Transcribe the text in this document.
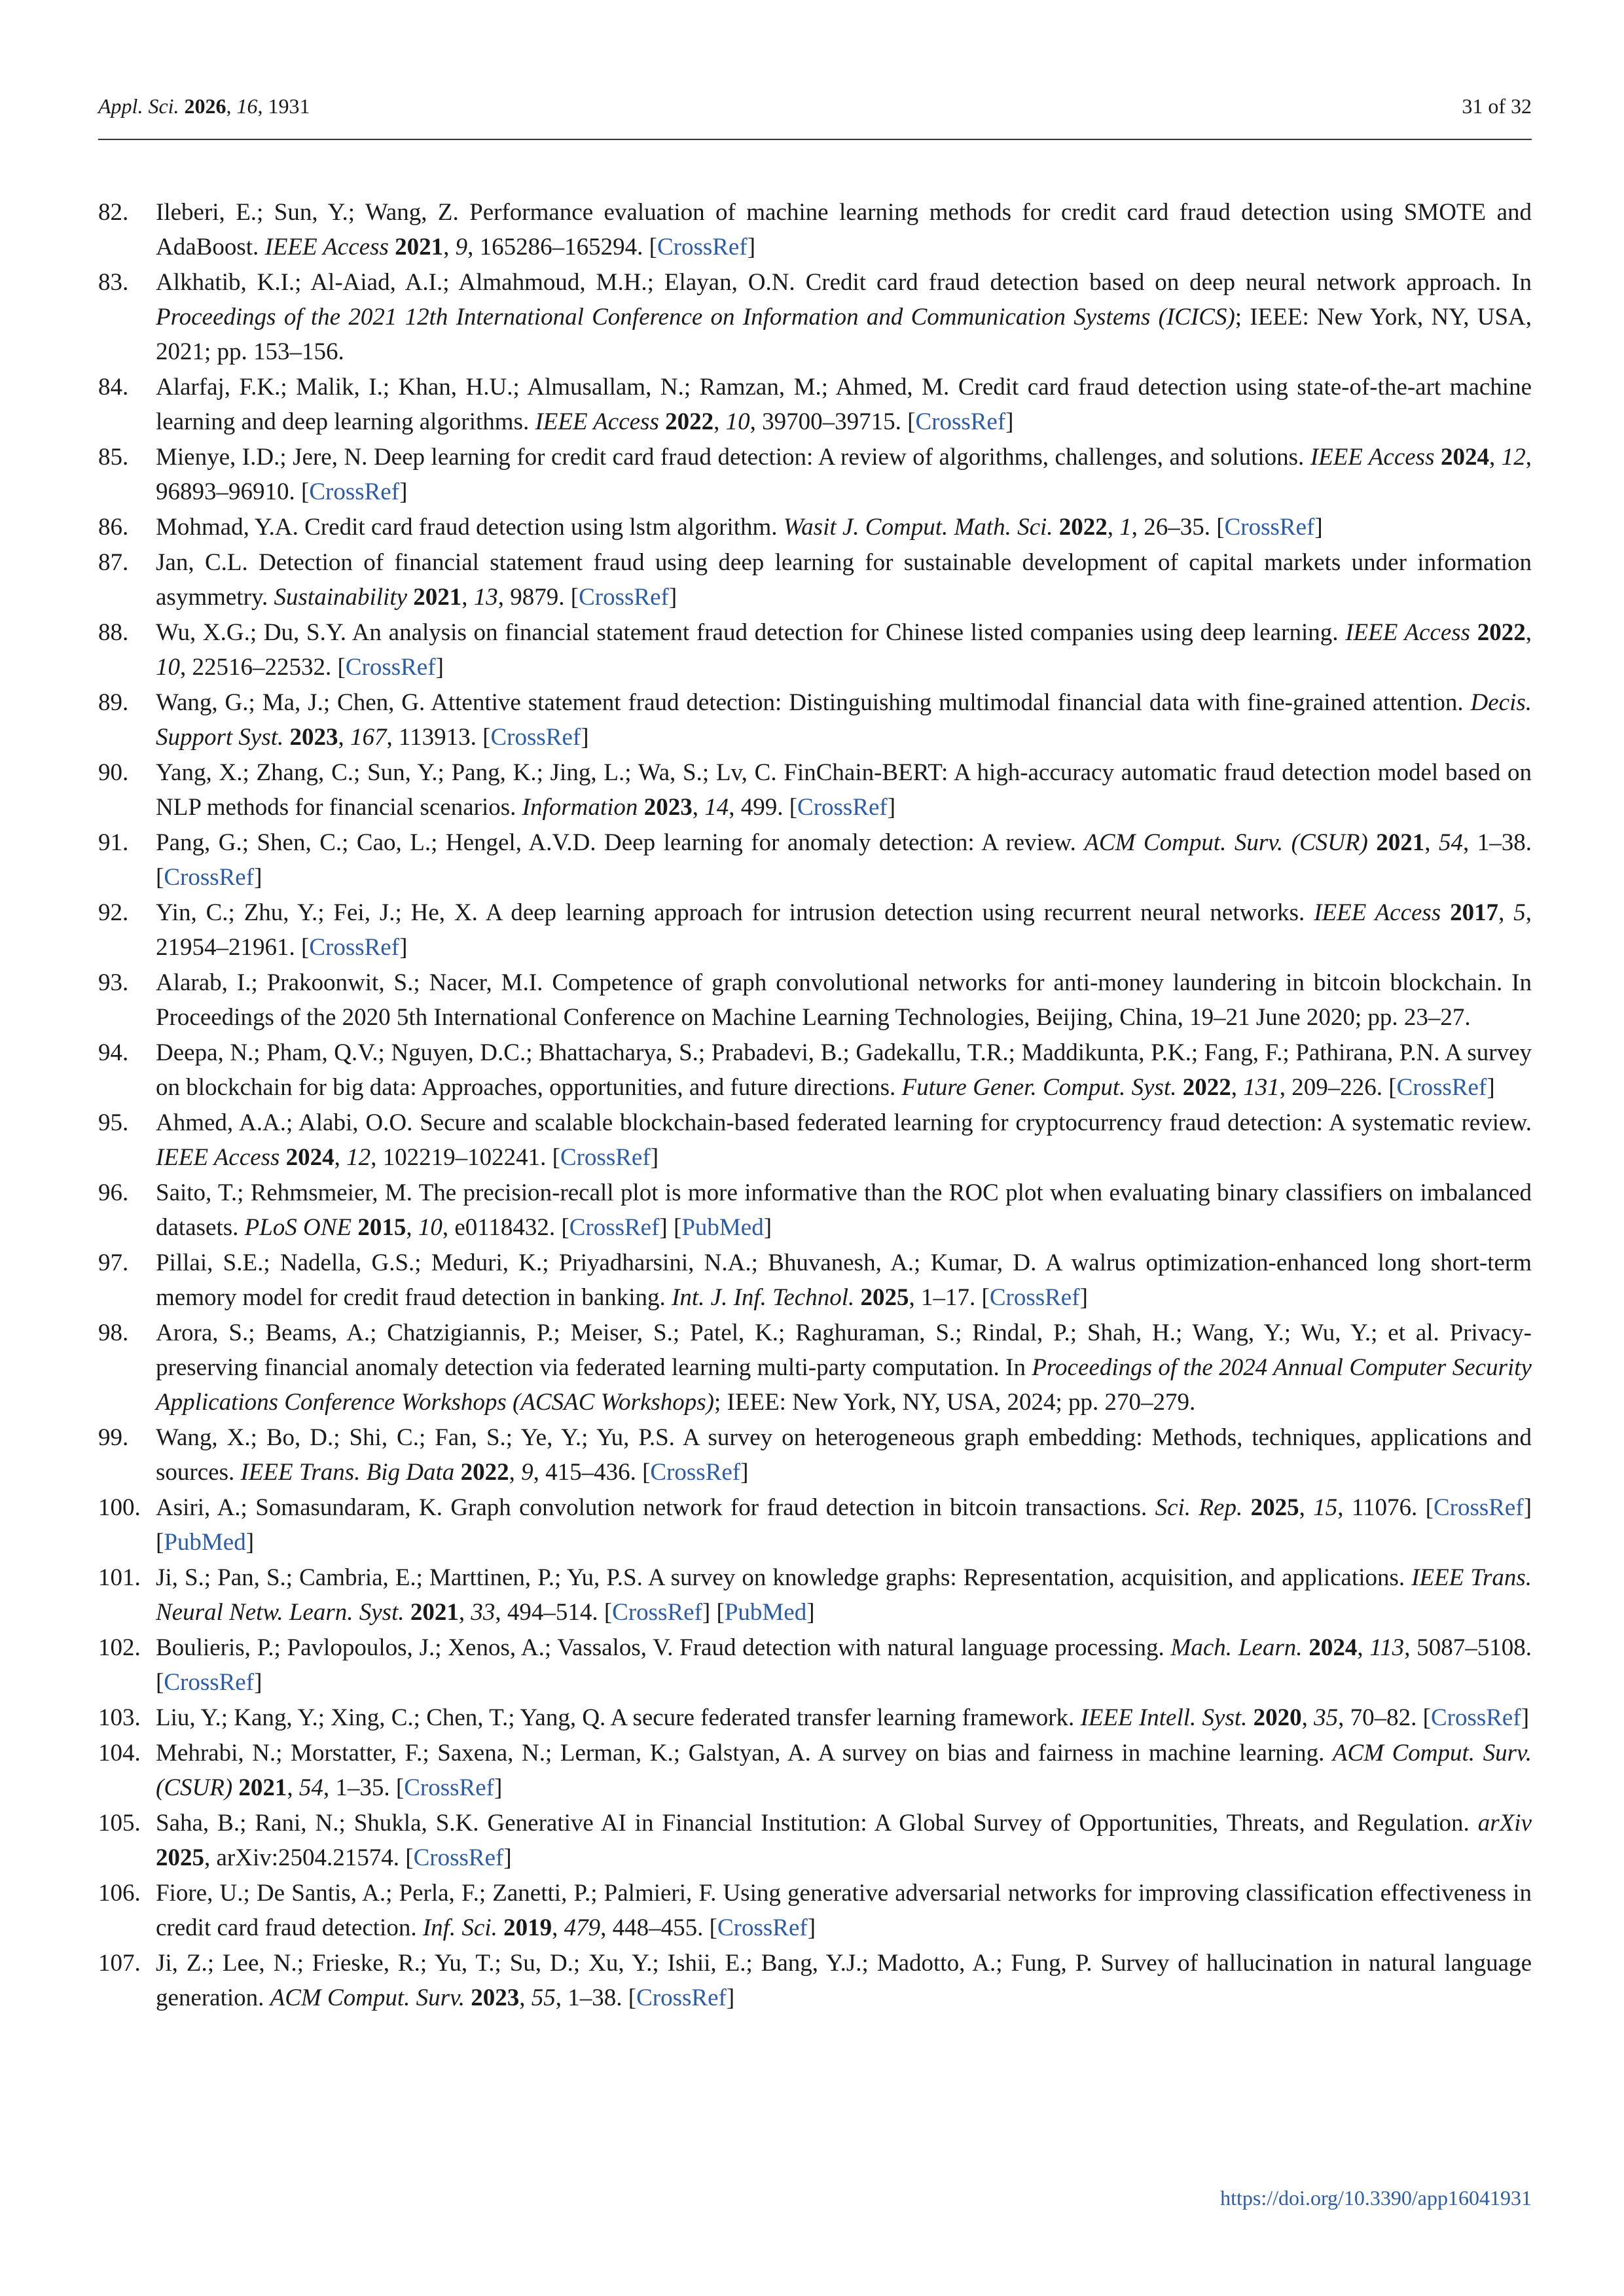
Appl. Sci. 2026, 16, 1931	31 of 32
82. Ileberi, E.; Sun, Y.; Wang, Z. Performance evaluation of machine learning methods for credit card fraud detection using SMOTE and AdaBoost. IEEE Access 2021, 9, 165286–165294. [CrossRef]
83. Alkhatib, K.I.; Al-Aiad, A.I.; Almahmoud, M.H.; Elayan, O.N. Credit card fraud detection based on deep neural network approach. In Proceedings of the 2021 12th International Conference on Information and Communication Systems (ICICS); IEEE: New York, NY, USA, 2021; pp. 153–156.
84. Alarfaj, F.K.; Malik, I.; Khan, H.U.; Almusallam, N.; Ramzan, M.; Ahmed, M. Credit card fraud detection using state-of-the-art machine learning and deep learning algorithms. IEEE Access 2022, 10, 39700–39715. [CrossRef]
85. Mienye, I.D.; Jere, N. Deep learning for credit card fraud detection: A review of algorithms, challenges, and solutions. IEEE Access 2024, 12, 96893–96910. [CrossRef]
86. Mohmad, Y.A. Credit card fraud detection using lstm algorithm. Wasit J. Comput. Math. Sci. 2022, 1, 26–35. [CrossRef]
87. Jan, C.L. Detection of financial statement fraud using deep learning for sustainable development of capital markets under information asymmetry. Sustainability 2021, 13, 9879. [CrossRef]
88. Wu, X.G.; Du, S.Y. An analysis on financial statement fraud detection for Chinese listed companies using deep learning. IEEE Access 2022, 10, 22516–22532. [CrossRef]
89. Wang, G.; Ma, J.; Chen, G. Attentive statement fraud detection: Distinguishing multimodal financial data with fine-grained attention. Decis. Support Syst. 2023, 167, 113913. [CrossRef]
90. Yang, X.; Zhang, C.; Sun, Y.; Pang, K.; Jing, L.; Wa, S.; Lv, C. FinChain-BERT: A high-accuracy automatic fraud detection model based on NLP methods for financial scenarios. Information 2023, 14, 499. [CrossRef]
91. Pang, G.; Shen, C.; Cao, L.; Hengel, A.V.D. Deep learning for anomaly detection: A review. ACM Comput. Surv. (CSUR) 2021, 54, 1–38. [CrossRef]
92. Yin, C.; Zhu, Y.; Fei, J.; He, X. A deep learning approach for intrusion detection using recurrent neural networks. IEEE Access 2017, 5, 21954–21961. [CrossRef]
93. Alarab, I.; Prakoonwit, S.; Nacer, M.I. Competence of graph convolutional networks for anti-money laundering in bitcoin blockchain. In Proceedings of the 2020 5th International Conference on Machine Learning Technologies, Beijing, China, 19–21 June 2020; pp. 23–27.
94. Deepa, N.; Pham, Q.V.; Nguyen, D.C.; Bhattacharya, S.; Prabadevi, B.; Gadekallu, T.R.; Maddikunta, P.K.; Fang, F.; Pathirana, P.N. A survey on blockchain for big data: Approaches, opportunities, and future directions. Future Gener. Comput. Syst. 2022, 131, 209–226. [CrossRef]
95. Ahmed, A.A.; Alabi, O.O. Secure and scalable blockchain-based federated learning for cryptocurrency fraud detection: A systematic review. IEEE Access 2024, 12, 102219–102241. [CrossRef]
96. Saito, T.; Rehmsmeier, M. The precision-recall plot is more informative than the ROC plot when evaluating binary classifiers on imbalanced datasets. PLoS ONE 2015, 10, e0118432. [CrossRef] [PubMed]
97. Pillai, S.E.; Nadella, G.S.; Meduri, K.; Priyadharsini, N.A.; Bhuvanesh, A.; Kumar, D. A walrus optimization-enhanced long short-term memory model for credit fraud detection in banking. Int. J. Inf. Technol. 2025, 1–17. [CrossRef]
98. Arora, S.; Beams, A.; Chatzigiannis, P.; Meiser, S.; Patel, K.; Raghuraman, S.; Rindal, P.; Shah, H.; Wang, Y.; Wu, Y.; et al. Privacy-preserving financial anomaly detection via federated learning multi-party computation. In Proceedings of the 2024 Annual Computer Security Applications Conference Workshops (ACSAC Workshops); IEEE: New York, NY, USA, 2024; pp. 270–279.
99. Wang, X.; Bo, D.; Shi, C.; Fan, S.; Ye, Y.; Yu, P.S. A survey on heterogeneous graph embedding: Methods, techniques, applications and sources. IEEE Trans. Big Data 2022, 9, 415–436. [CrossRef]
100. Asiri, A.; Somasundaram, K. Graph convolution network for fraud detection in bitcoin transactions. Sci. Rep. 2025, 15, 11076. [CrossRef] [PubMed]
101. Ji, S.; Pan, S.; Cambria, E.; Marttinen, P.; Yu, P.S. A survey on knowledge graphs: Representation, acquisition, and applications. IEEE Trans. Neural Netw. Learn. Syst. 2021, 33, 494–514. [CrossRef] [PubMed]
102. Boulieris, P.; Pavlopoulos, J.; Xenos, A.; Vassalos, V. Fraud detection with natural language processing. Mach. Learn. 2024, 113, 5087–5108. [CrossRef]
103. Liu, Y.; Kang, Y.; Xing, C.; Chen, T.; Yang, Q. A secure federated transfer learning framework. IEEE Intell. Syst. 2020, 35, 70–82. [CrossRef]
104. Mehrabi, N.; Morstatter, F.; Saxena, N.; Lerman, K.; Galstyan, A. A survey on bias and fairness in machine learning. ACM Comput. Surv. (CSUR) 2021, 54, 1–35. [CrossRef]
105. Saha, B.; Rani, N.; Shukla, S.K. Generative AI in Financial Institution: A Global Survey of Opportunities, Threats, and Regulation. arXiv 2025, arXiv:2504.21574. [CrossRef]
106. Fiore, U.; De Santis, A.; Perla, F.; Zanetti, P.; Palmieri, F. Using generative adversarial networks for improving classification effectiveness in credit card fraud detection. Inf. Sci. 2019, 479, 448–455. [CrossRef]
107. Ji, Z.; Lee, N.; Frieske, R.; Yu, T.; Su, D.; Xu, Y.; Ishii, E.; Bang, Y.J.; Madotto, A.; Fung, P. Survey of hallucination in natural language generation. ACM Comput. Surv. 2023, 55, 1–38. [CrossRef]
https://doi.org/10.3390/app16041931
